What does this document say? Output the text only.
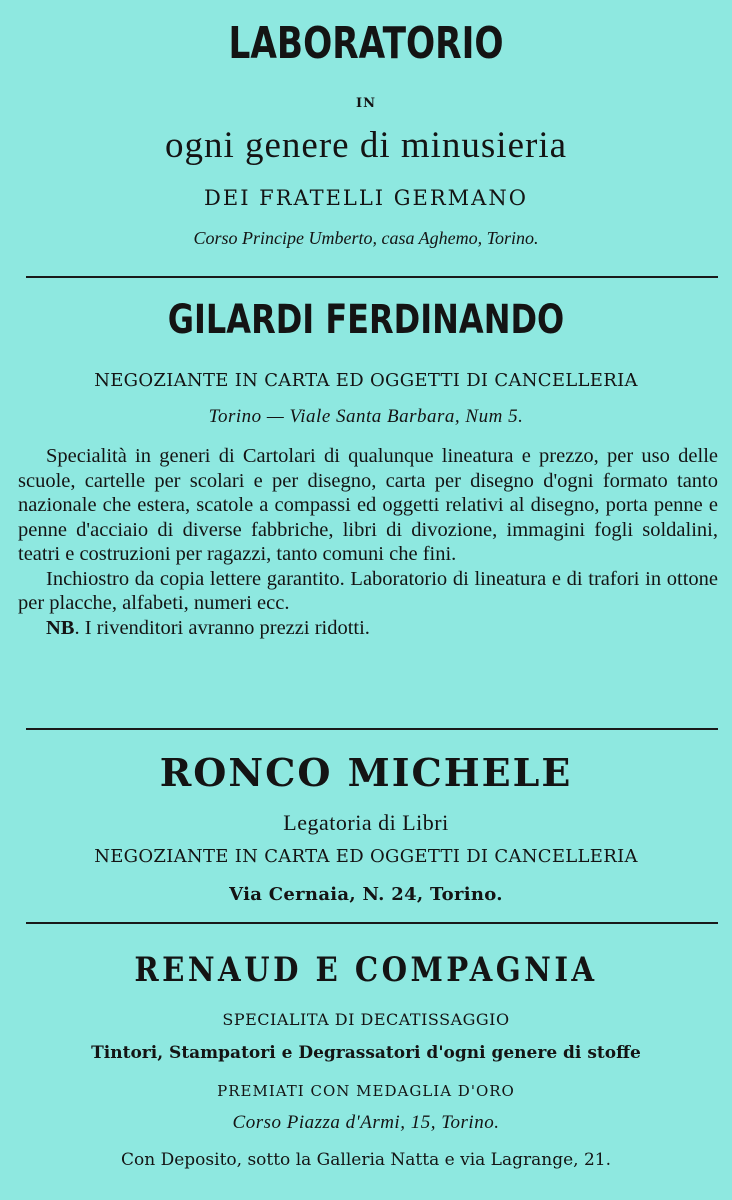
LABORATORIO
IN
ogni genere di minusieria
DEI FRATELLI GERMANO
Corso Principe Umberto, casa Aghemo, Torino.
GILARDI FERDINANDO
NEGOZIANTE IN CARTA ED OGGETTI DI CANCELLERIA
Torino — Viale Santa Barbara, Num 5.

Specialità in generi di Cartolari di qualunque lineatura e prezzo, per uso delle scuole, cartelle per scolari e per disegno, carta per disegno d'ogni formato tanto nazionale che estera, scatole a compassi ed oggetti relativi al disegno, porta penne e penne d'acciaio di diverse fabbriche, libri di divozione, immagini fogli soldalini, teatri e costruzioni per ragazzi, tanto comuni che fini.

Inchiostro da copia lettere garantito. Laboratorio di lineatura e di trafori in ottone per placche, alfabeti, numeri ecc.

NB. I rivenditori avranno prezzi ridotti.

RONCO MICHELE
Legatoria di Libri
NEGOZIANTE IN CARTA ED OGGETTI DI CANCELLERIA
Via Cernaia, N. 24, Torino.
RENAUD E COMPAGNIA
SPECIALITA DI DECATISSAGGIO
Tintori, Stampatori e Degrassatori d'ogni genere di stoffe
PREMIATI CON MEDAGLIA D'ORO
Corso Piazza d'Armi, 15, Torino.
Con Deposito, sotto la Galleria Natta e via Lagrange, 21.
